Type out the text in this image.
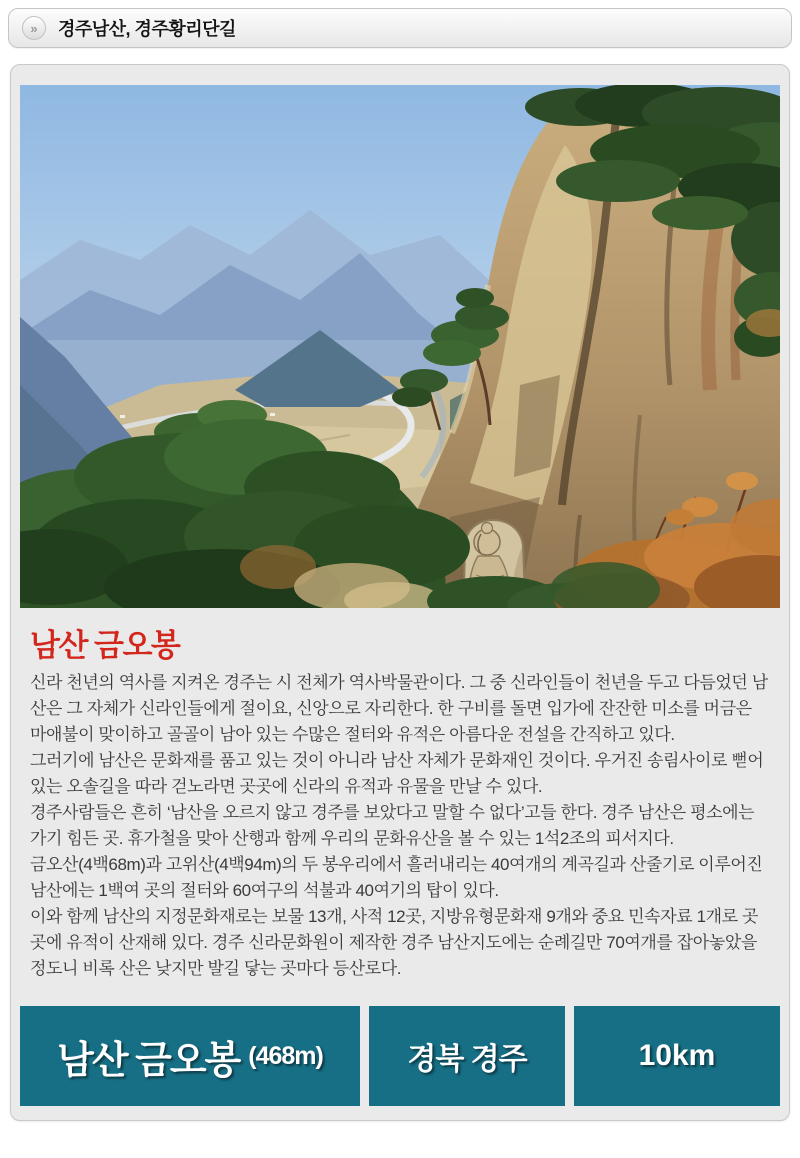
»	경주남산, 경주황리단길
남산 금오봉

신라 천년의 역사를 지켜온 경주는 시 전체가 역사박물관이다. 그 중 신라인들이 천년을 두고 다듬었던 남산은 그 자체가 신라인들에게 절이요, 신앙으로 자리한다. 한 구비를 돌면 입가에 잔잔한 미소를 머금은 마애불이 맞이하고 골골이 남아 있는 수많은 절터와 유적은 아름다운 전설을 간직하고 있다.

그러기에 남산은 문화재를 품고 있는 것이 아니라 남산 자체가 문화재인 것이다. 우거진 송림사이로 뻗어 있는 오솔길을 따라 걷노라면 곳곳에 신라의 유적과 유물을 만날 수 있다.

경주사람들은 흔히 ‘남산을 오르지 않고 경주를 보았다고 말할 수 없다’고들 한다. 경주 남산은 평소에는 가기 힘든 곳. 휴가철을 맞아 산행과 함께 우리의 문화유산을 볼 수 있는 1석2조의 피서지다.

금오산(4백68m)과 고위산(4백94m)의 두 봉우리에서 흘러내리는 40여개의 계곡길과 산줄기로 이루어진 남산에는 1백여 곳의 절터와 60여구의 석불과 40여기의 탑이 있다.

이와 함께 남산의 지정문화재로는 보물 13개, 사적 12곳, 지방유형문화재 9개와 중요 민속자료 1개로 곳곳에 유적이 산재해 있다. 경주 신라문화원이 제작한 경주 남산지도에는 순례길만 70여개를 잡아놓았을 정도니 비록 산은 낮지만 발길 닿는 곳마다 등산로다.

남산 금오봉 (468m)	경북 경주	10km
